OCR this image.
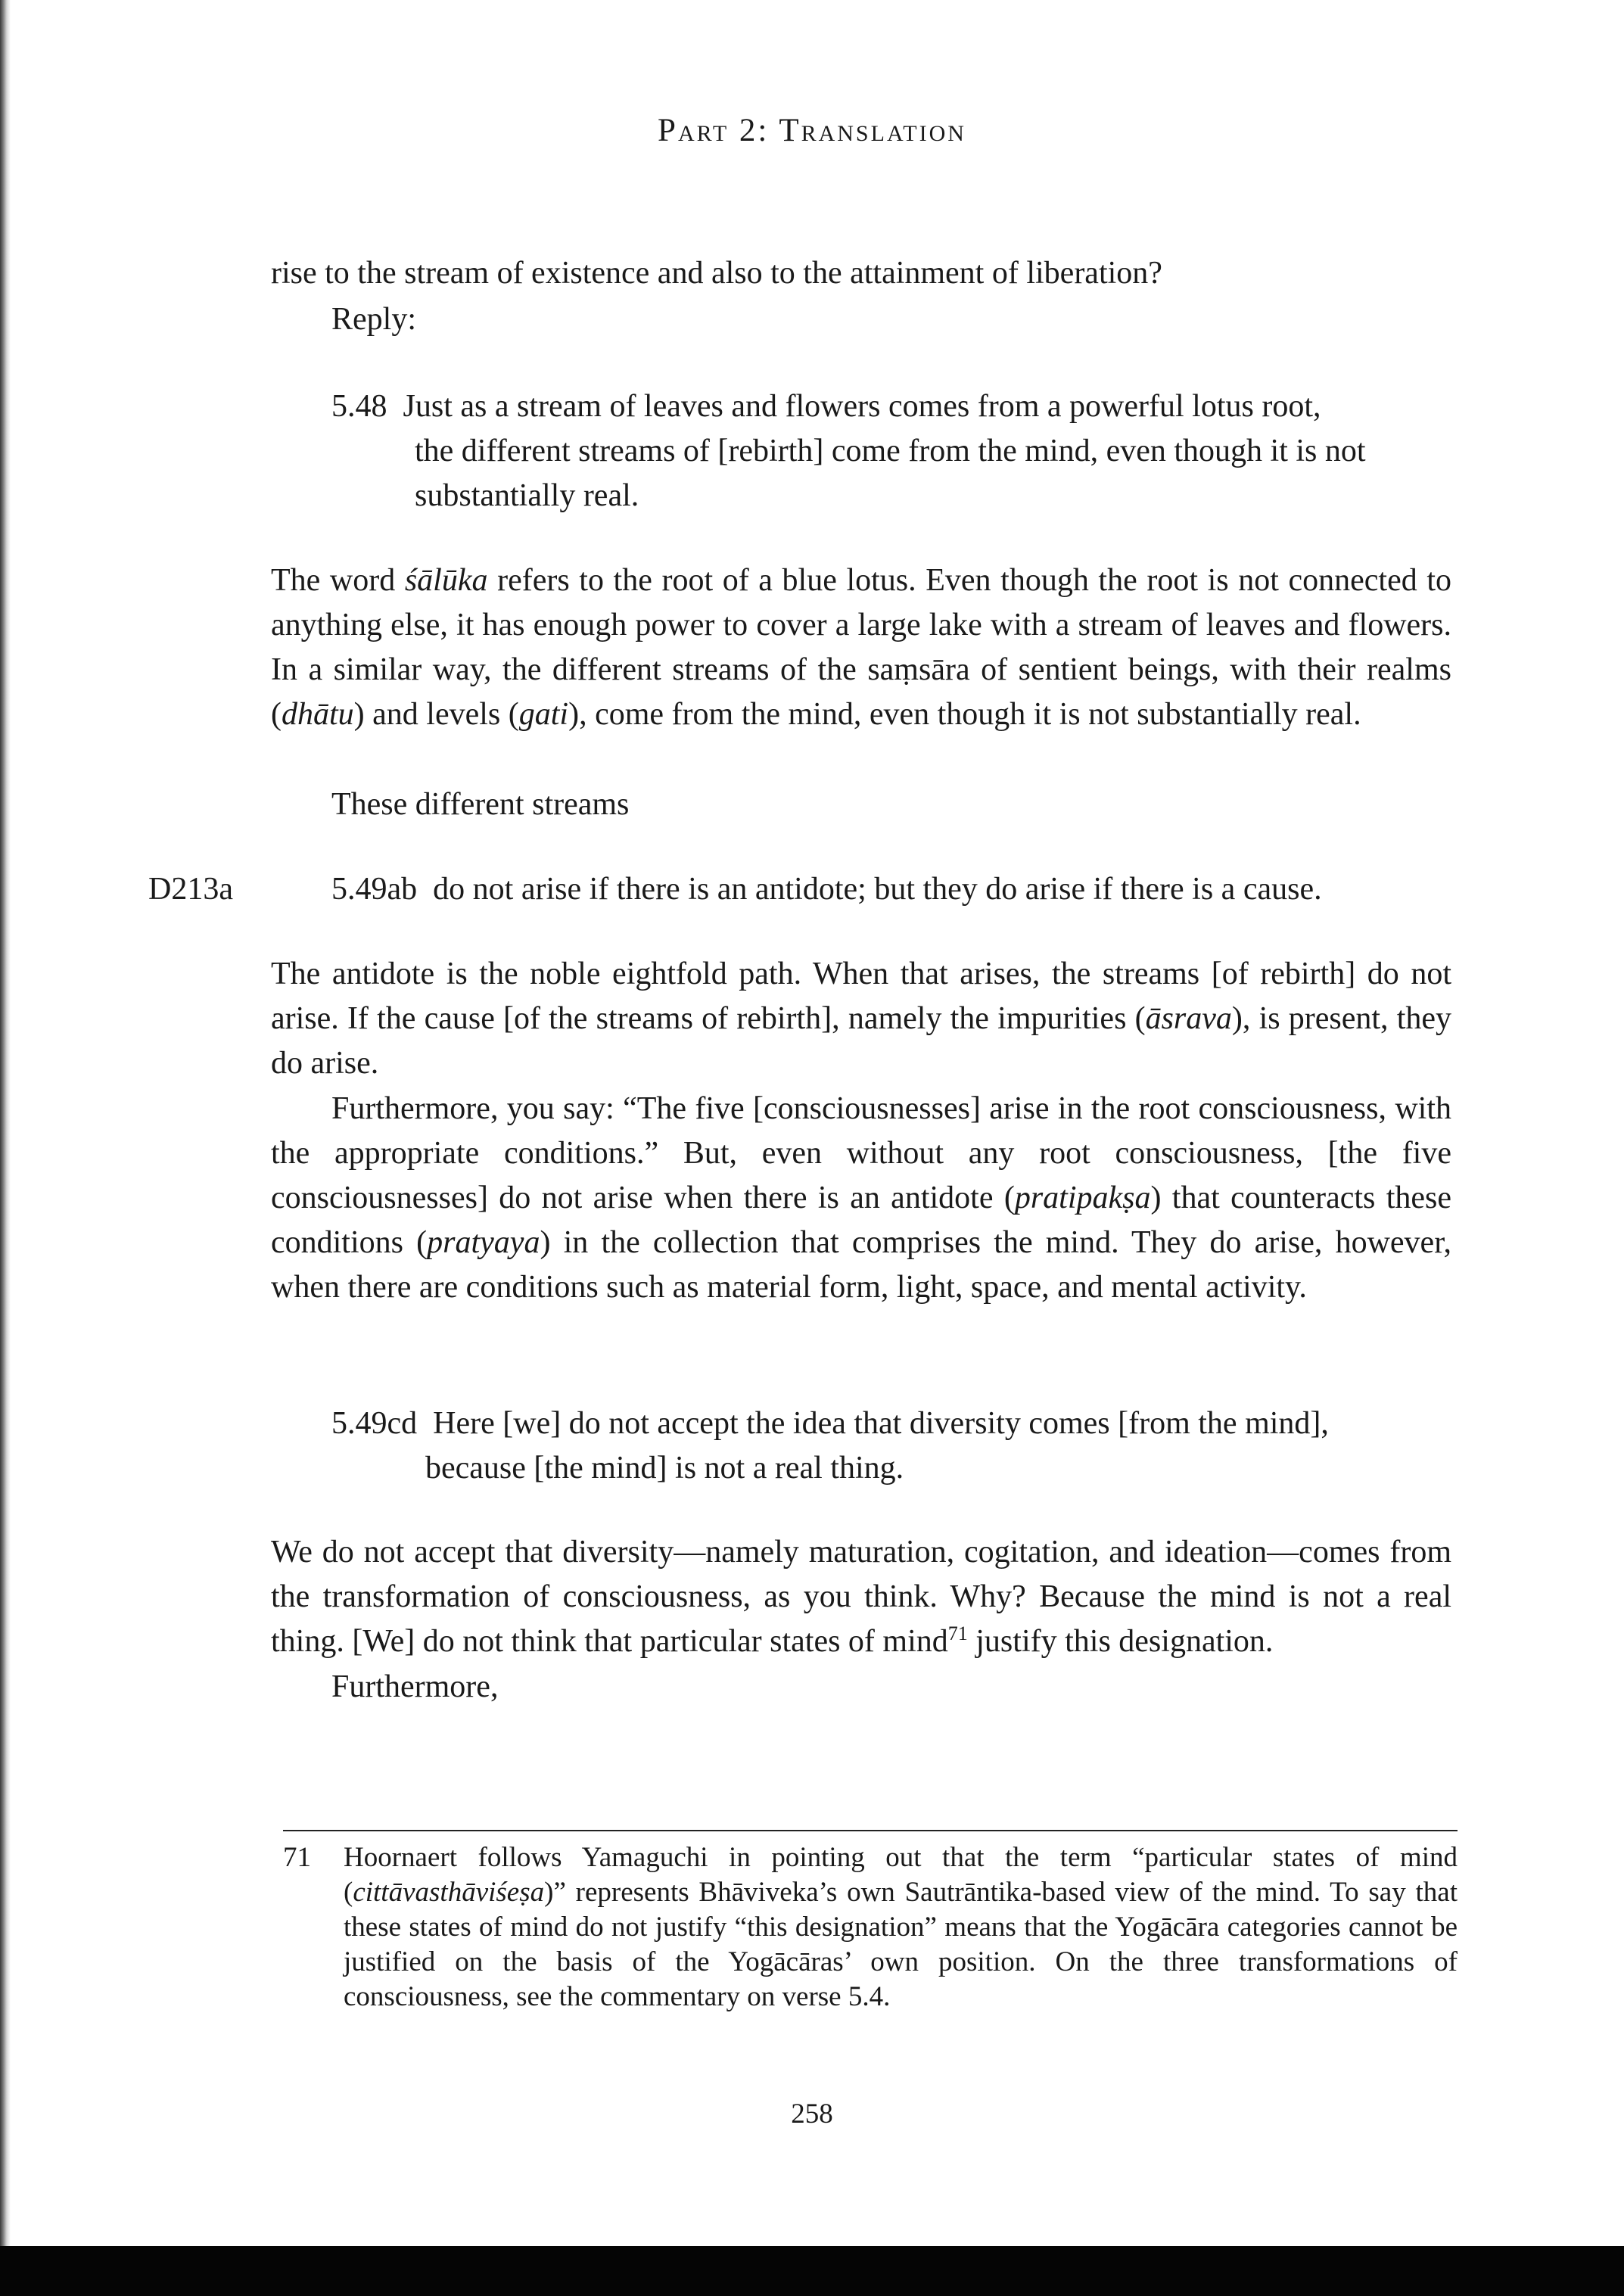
Part 2: Translation
rise to the stream of existence and also to the attainment of liberation?
Reply:
5.48 Just as a stream of leaves and flowers comes from a powerful lotus root,
the different streams of [rebirth] come from the mind, even though it is not substantially real.
The word śālūka refers to the root of a blue lotus. Even though the root is not connected to anything else, it has enough power to cover a large lake with a stream of leaves and flowers. In a similar way, the different streams of the saṃsāra of sentient beings, with their realms (dhātu) and levels (gati), come from the mind, even though it is not substantially real.
These different streams
D213a	5.49ab do not arise if there is an antidote; but they do arise if there is a cause.
The antidote is the noble eightfold path. When that arises, the streams [of rebirth] do not arise. If the cause [of the streams of rebirth], namely the impurities (āsrava), is present, they do arise.
Furthermore, you say: “The five [consciousnesses] arise in the root consciousness, with the appropriate conditions.” But, even without any root consciousness, [the five consciousnesses] do not arise when there is an antidote (pratipakṣa) that counteracts these conditions (pratyaya) in the collection that comprises the mind. They do arise, however, when there are conditions such as material form, light, space, and mental activity.
5.49cd Here [we] do not accept the idea that diversity comes [from the mind],
because [the mind] is not a real thing.
We do not accept that diversity—namely maturation, cogitation, and ideation—comes from the transformation of consciousness, as you think. Why? Because the mind is not a real thing. [We] do not think that particular states of mind$^{71}$ justify this designation.
Furthermore,
71 Hoornaert follows Yamaguchi in pointing out that the term “particular states of mind (cittāvasthāviśeṣa)” represents Bhāviveka’s own Sautrāntika-based view of the mind. To say that these states of mind do not justify “this designation” means that the Yogācāra categories cannot be justified on the basis of the Yogācāras’ own position. On the three transformations of consciousness, see the commentary on verse 5.4.
258
